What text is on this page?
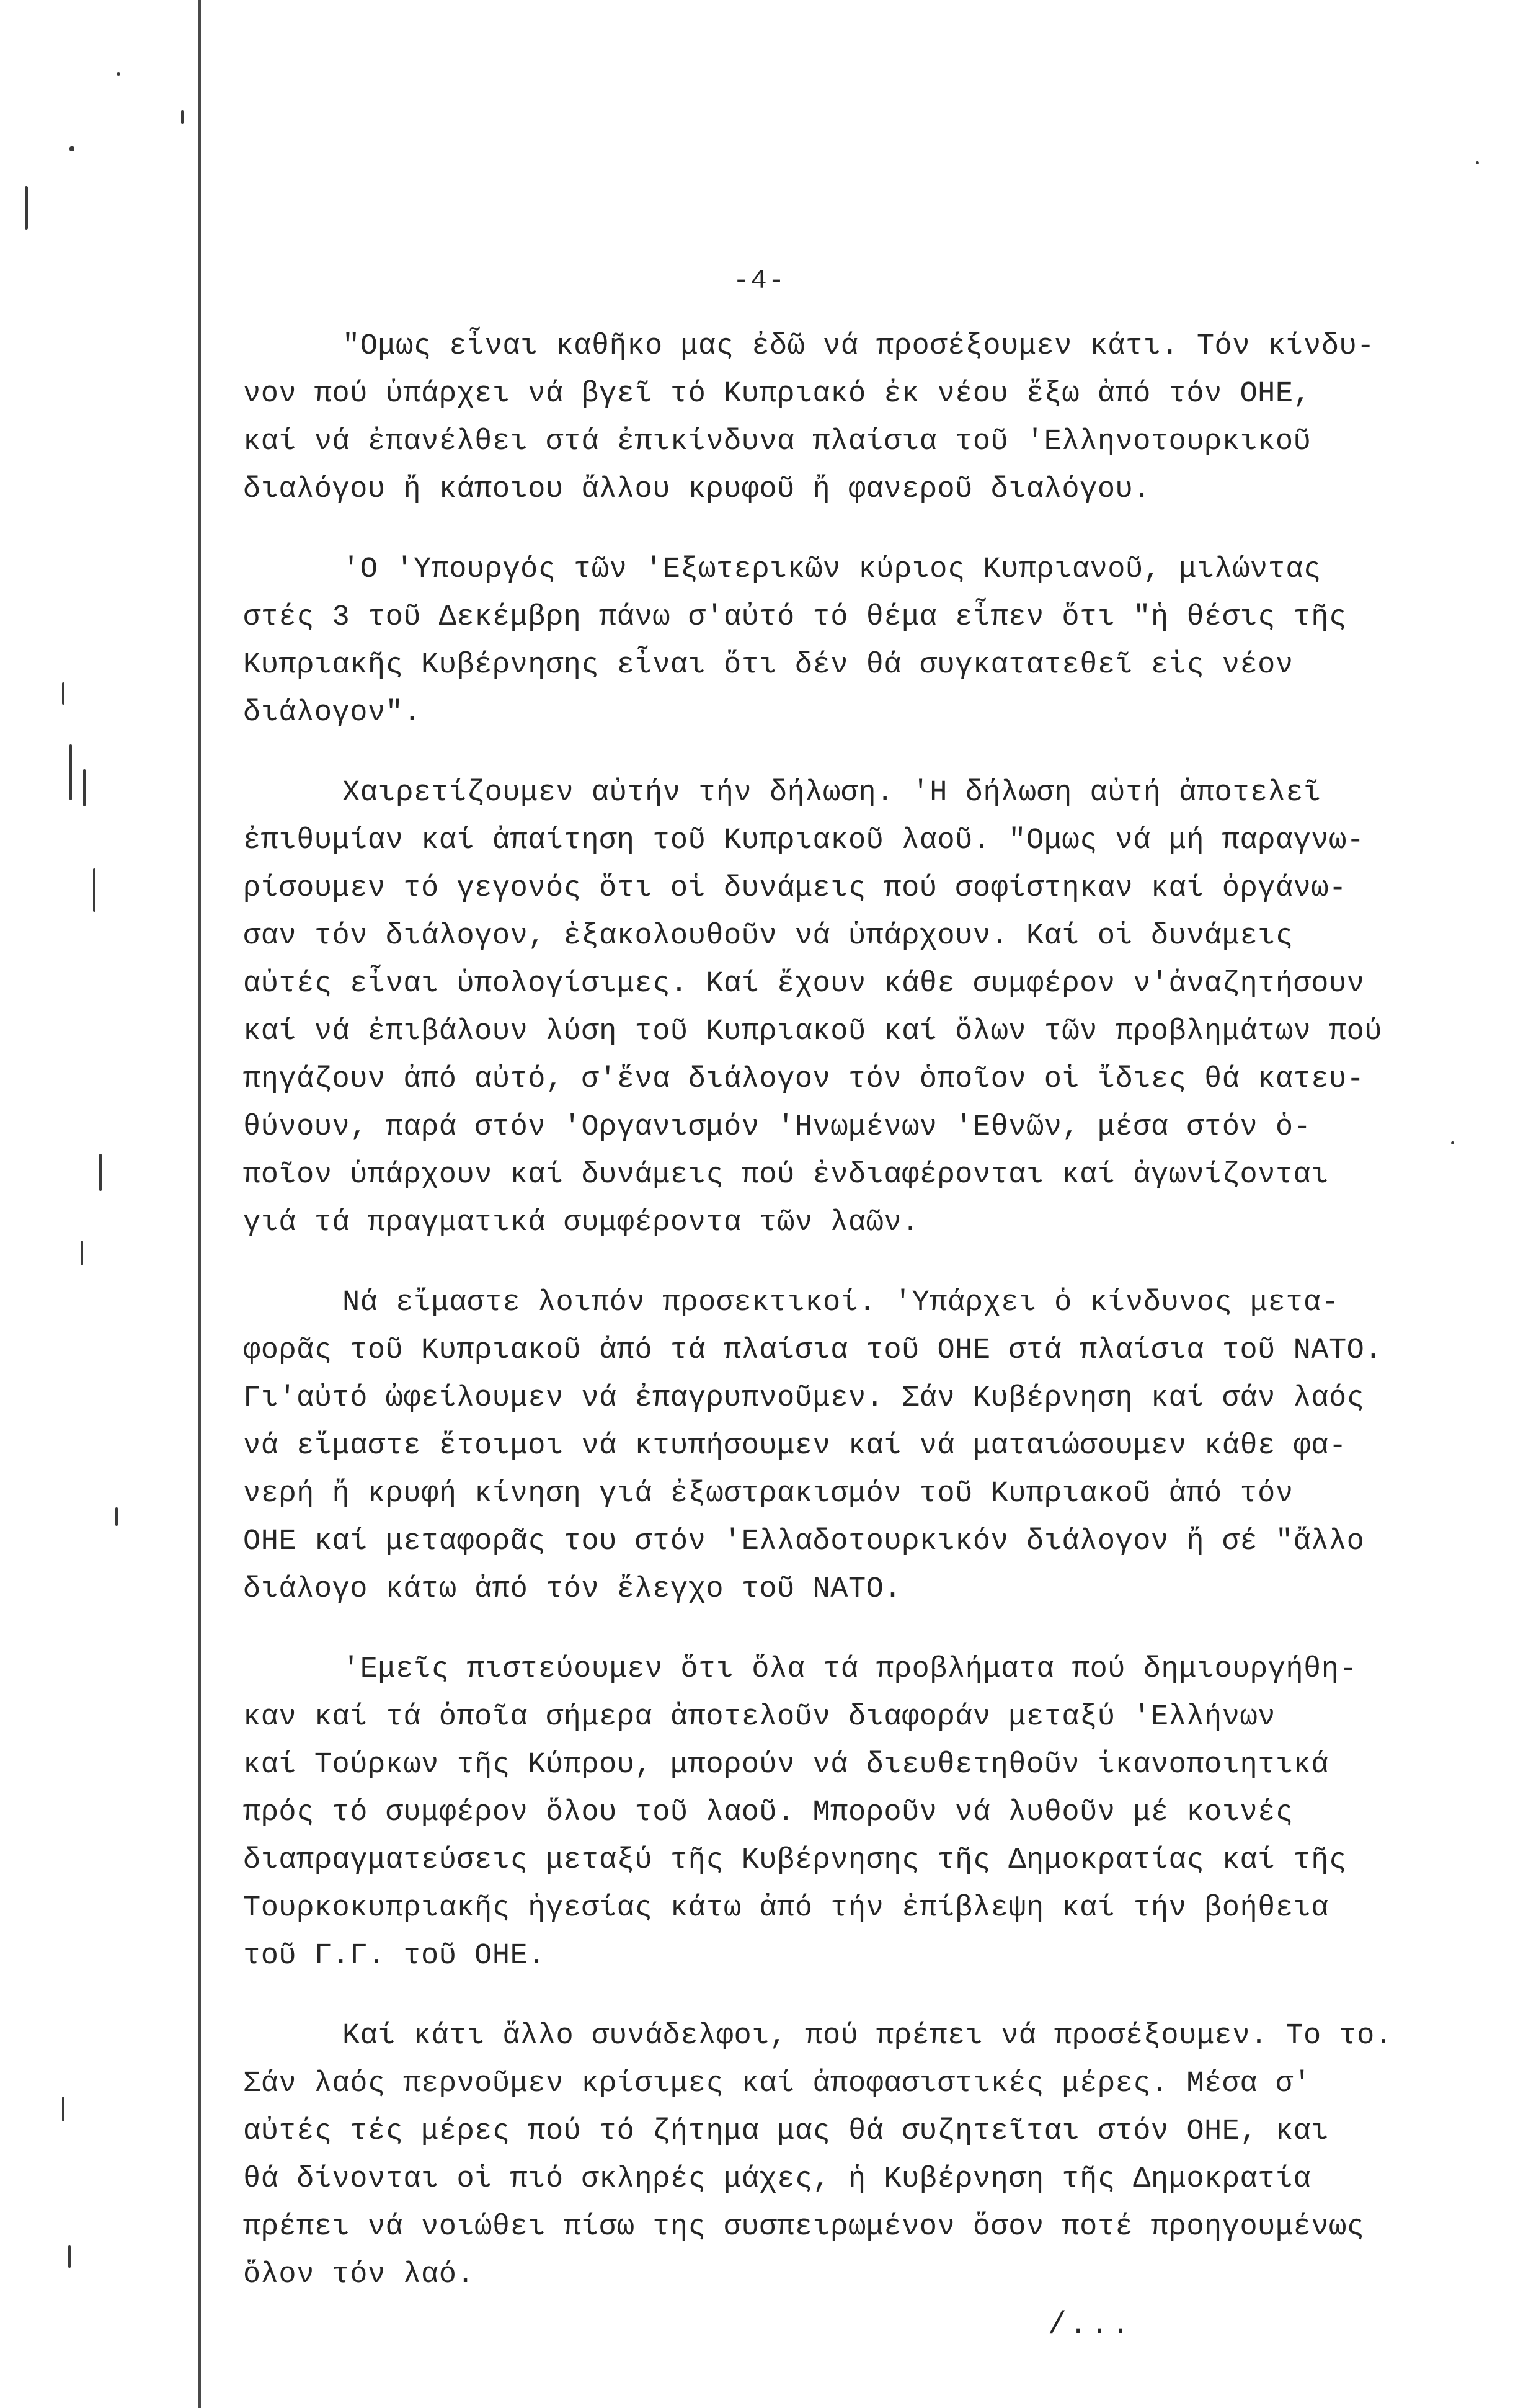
-4-
"Ομως εἶναι καθῆκο μας ἐδῶ νά προσέξουμεν κάτι. Τόν κίνδυ-
νον πού ὑπάρχει νά βγεῖ τό Κυπριακό ἐκ νέου ἔξω ἀπό τόν ΟΗΕ,
καί νά ἐπανέλθει στά ἐπικίνδυνα πλαίσια τοῦ 'Ελληνοτουρκικοῦ
διαλόγου ἤ κάποιου ἄλλου κρυφοῦ ἤ φανεροῦ διαλόγου.
'Ο 'Υπουργός τῶν 'Εξωτερικῶν κύριος Κυπριανοῦ, μιλώντας
στές 3 τοῦ Δεκέμβρη πάνω σ'αὐτό τό θέμα εἶπεν ὅτι "ἡ θέσις τῆς
Κυπριακῆς Κυβέρνησης εἶναι ὅτι δέν θά συγκατατεθεῖ εἰς νέον
διάλογον".
Χαιρετίζουμεν αὐτήν τήν δήλωση. 'Η δήλωση αὐτή ἀποτελεῖ
ἐπιθυμίαν καί ἀπαίτηση τοῦ Κυπριακοῦ λαοῦ. "Ομως νά μή παραγνω-
ρίσουμεν τό γεγονός ὅτι οἱ δυνάμεις πού σοφίστηκαν καί ὀργάνω-
σαν τόν διάλογον, ἐξακολουθοῦν νά ὑπάρχουν. Καί οἱ δυνάμεις
αὐτές εἶναι ὑπολογίσιμες. Καί ἔχουν κάθε συμφέρον ν'ἀναζητήσουν
καί νά ἐπιβάλουν λύση τοῦ Κυπριακοῦ καί ὅλων τῶν προβλημάτων πού
πηγάζουν ἀπό αὐτό, σ'ἕνα διάλογον τόν ὁποῖον οἱ ἴδιες θά κατευ-
θύνουν, παρά στόν 'Οργανισμόν 'Ηνωμένων 'Εθνῶν, μέσα στόν ὁ-
ποῖον ὑπάρχουν καί δυνάμεις πού ἐνδιαφέρονται καί ἀγωνίζονται
γιά τά πραγματικά συμφέροντα τῶν λαῶν.
Νά εἴμαστε λοιπόν προσεκτικοί. 'Υπάρχει ὁ κίνδυνος μετα-
φορᾶς τοῦ Κυπριακοῦ ἀπό τά πλαίσια τοῦ ΟΗΕ στά πλαίσια τοῦ ΝΑΤΟ.
Γι'αὐτό ὠφείλουμεν νά ἐπαγρυπνοῦμεν. Σάν Κυβέρνηση καί σάν λαός
νά εἴμαστε ἕτοιμοι νά κτυπήσουμεν καί νά ματαιώσουμεν κάθε φα-
νερή ἤ κρυφή κίνηση γιά ἐξωστρακισμόν τοῦ Κυπριακοῦ ἀπό τόν
ΟΗΕ καί μεταφορᾶς του στόν 'Ελλαδοτουρκικόν διάλογον ἤ σέ "ἄλλο
διάλογο κάτω ἀπό τόν ἔλεγχο τοῦ ΝΑΤΟ.
'Εμεῖς πιστεύουμεν ὅτι ὅλα τά προβλήματα πού δημιουργήθη-
καν καί τά ὁποῖα σήμερα ἀποτελοῦν διαφοράν μεταξύ 'Ελλήνων
καί Τούρκων τῆς Κύπρου, μπορούν νά διευθετηθοῦν ἱκανοποιητικά
πρός τό συμφέρον ὅλου τοῦ λαοῦ. Μποροῦν νά λυθοῦν μέ κοινές
διαπραγματεύσεις μεταξύ τῆς Κυβέρνησης τῆς Δημοκρατίας καί τῆς
Τουρκοκυπριακῆς ἡγεσίας κάτω ἀπό τήν ἐπίβλεψη καί τήν βοήθεια
τοῦ Γ.Γ. τοῦ ΟΗΕ.
Καί κάτι ἄλλο συνάδελφοι, πού πρέπει νά προσέξουμεν. Το το.
Σάν λαός περνοῦμεν κρίσιμες καί ἀποφασιστικές μέρες. Μέσα σ'
αὐτές τές μέρες πού τό ζήτημα μας θά συζητεῖται στόν ΟΗΕ, και
θά δίνονται οἱ πιό σκληρές μάχες, ἡ Κυβέρνηση τῆς Δημοκρατία
πρέπει νά νοιώθει πίσω της συσπειρωμένον ὅσον ποτέ προηγουμένως
ὅλον τόν λαό.
/...
